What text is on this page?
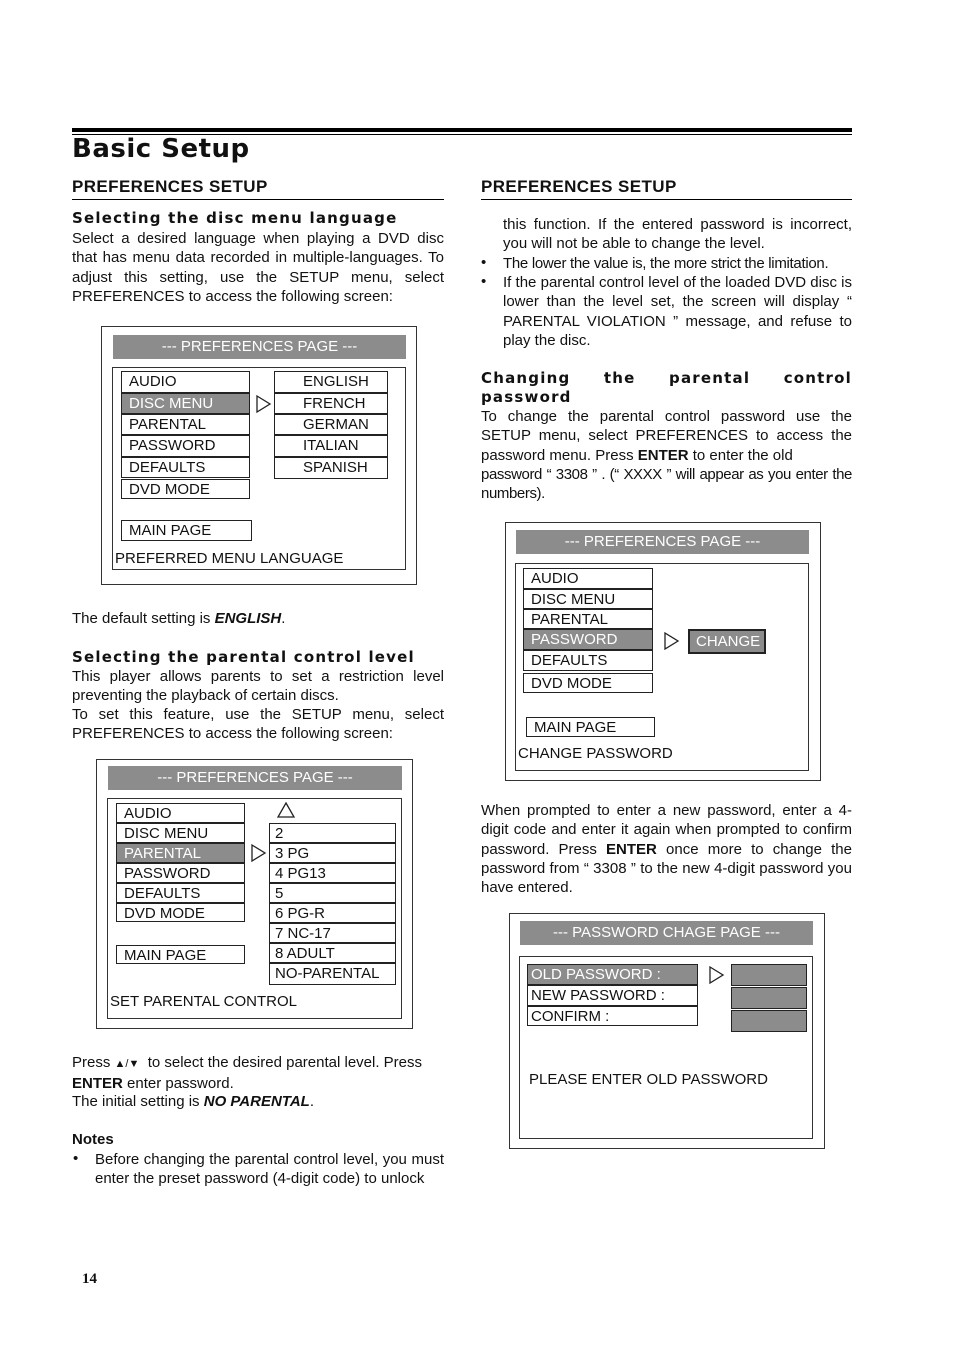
Basic Setup
PREFERENCES SETUP
Selecting the disc menu language
Select a desired language when playing a DVD disc that has menu data recorded in multiple-languages. To adjust this setting, use the SETUP menu, select PREFERENCES to access the following screen:
--- PREFERENCES PAGE ---
AUDIO
DISC MENU
PARENTAL
PASSWORD
DEFAULTS
DVD MODE
ENGLISH
FRENCH
GERMAN
ITALIAN
SPANISH
MAIN PAGE
PREFERRED MENU LANGUAGE
The default setting is ENGLISH.
Selecting the parental control level
This player allows parents to set a restriction level preventing the playback of certain discs.
To set this feature, use the SETUP menu, select PREFERENCES to access the following screen:
--- PREFERENCES PAGE ---
AUDIO
DISC MENU
PARENTAL
PASSWORD
DEFAULTS
DVD MODE
2
3 PG
4 PG13
5
6 PG-R
7 NC-17
8 ADULT
NO-PARENTAL
MAIN PAGE
SET PARENTAL CONTROL
Press ▲/▼ to select the desired parental level. Press
ENTER enter password.
The initial setting is NO PARENTAL.
Notes
• Before changing the parental control level, you must enter the preset password (4-digit code) to unlock
14
PREFERENCES SETUP
this function. If the entered password is incorrect, you will not be able to change the level.
• The lower the value is, the more strict the limitation.
• If the parental control level of the loaded DVD disc is lower than the level set, the screen will display “ PARENTAL VIOLATION ” message, and refuse to play the disc.
Changing the parental control password
To change the parental control password use the SETUP menu, select PREFERENCES to access the password menu. Press ENTER to enter the old
password “ 3308 ” . (“ XXXX ” will appear as you enter the numbers).
--- PREFERENCES PAGE ---
AUDIO
DISC MENU
PARENTAL
PASSWORD
DEFAULTS
DVD MODE
CHANGE
MAIN PAGE
CHANGE PASSWORD
When prompted to enter a new password, enter a 4-digit code and enter it again when prompted to confirm password. Press ENTER once more to change the password from “ 3308 ” to the new 4-digit password you have entered.
--- PASSWORD CHAGE PAGE ---
OLD PASSWORD :
NEW PASSWORD :
CONFIRM :
PLEASE ENTER OLD PASSWORD
